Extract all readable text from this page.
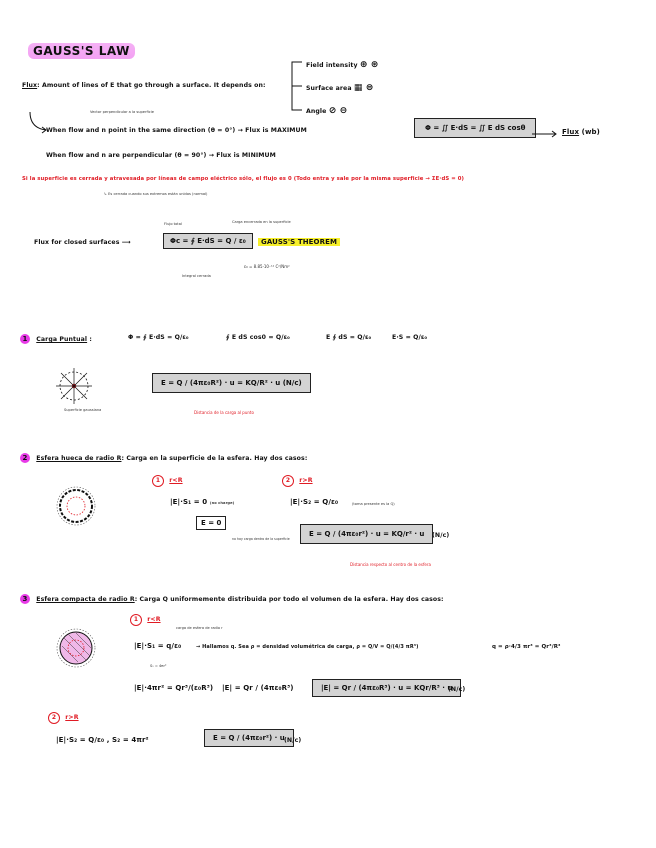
GAUSS'S LAW
Flux: Amount of lines of E that go through a surface. It depends on:
Field intensity ⊕ ⊛
Surface area ▦ ⊜
Angle ⊘ ⊖
Φ = ∬ E·dS = ∬ E dS cosθ	Flux (wb)
Vector perpendicular a la superficie
When flow and n point in the same direction (θ = 0°) → Flux is MAXIMUM
When flow and n are perpendicular (θ = 90°) → Flux is MINIMUM
Si la superficie es cerrada y atravesada por líneas de campo eléctrico sólo, el flujo es 0 (Todo entra y sale por la misma superficie → ΣE·dS = 0)
↳ Es cerrada cuando sus extremos están unidos (normal)
Flux for closed surfaces ⟶
Flujo total	Carga encerrada en la superficie
Φc = ∮ E·dS = Q / ε₀	GAUSS'S THEOREM
Integral cerrada
ε₀ = 8.85·10⁻¹² C²/Nm²
1 Carga Puntual :	Φ = ∮ E·dS = Q/ε₀	∮ E dS cos0 = Q/ε₀	E ∮ dS = Q/ε₀	E·S = Q/ε₀
Superficie gaussiana
E = Q / (4πε₀R²) · u = KQ/R² · u (N/c)
Distancia de la carga al punto
2 Esfera hueca de radio R: Carga en la superficie de la esfera. Hay dos casos:
1 r<R
|E|·S₁ = 0 (no charge)
E = 0
no hay carga dentro de la superficie
2 r>R
|E|·S₂ = Q/ε₀	(toma presente es la Q)
E = Q / (4πε₀r²) · u = KQ/r² · u	(N/c)
Distancia respecto al centro de la esfera
3 Esfera compacta de radio R: Carga Q uniformemente distribuida por todo el volumen de la esfera. Hay dos casos:
1 r<R
carga de esfera de radio r
|E|·S₁ = q/ε₀	→ Hallamos q. Sea ρ = densidad volumétrica de carga, ρ = Q/V = Q/(4/3 πR³)	q = ρ·4/3 πr³ = Qr³/R³
S₁ = 4πr²
|E|·4πr² = Qr³/(ε₀R³) |E| = Qr / (4πε₀R³)	|E| = Qr / (4πε₀R³) · u = KQr/R³ · u
(N/c)
2 r>R
|E|·S₂ = Q/ε₀ , S₂ = 4πr²	E = Q / (4πε₀r²) · u (N/c)
